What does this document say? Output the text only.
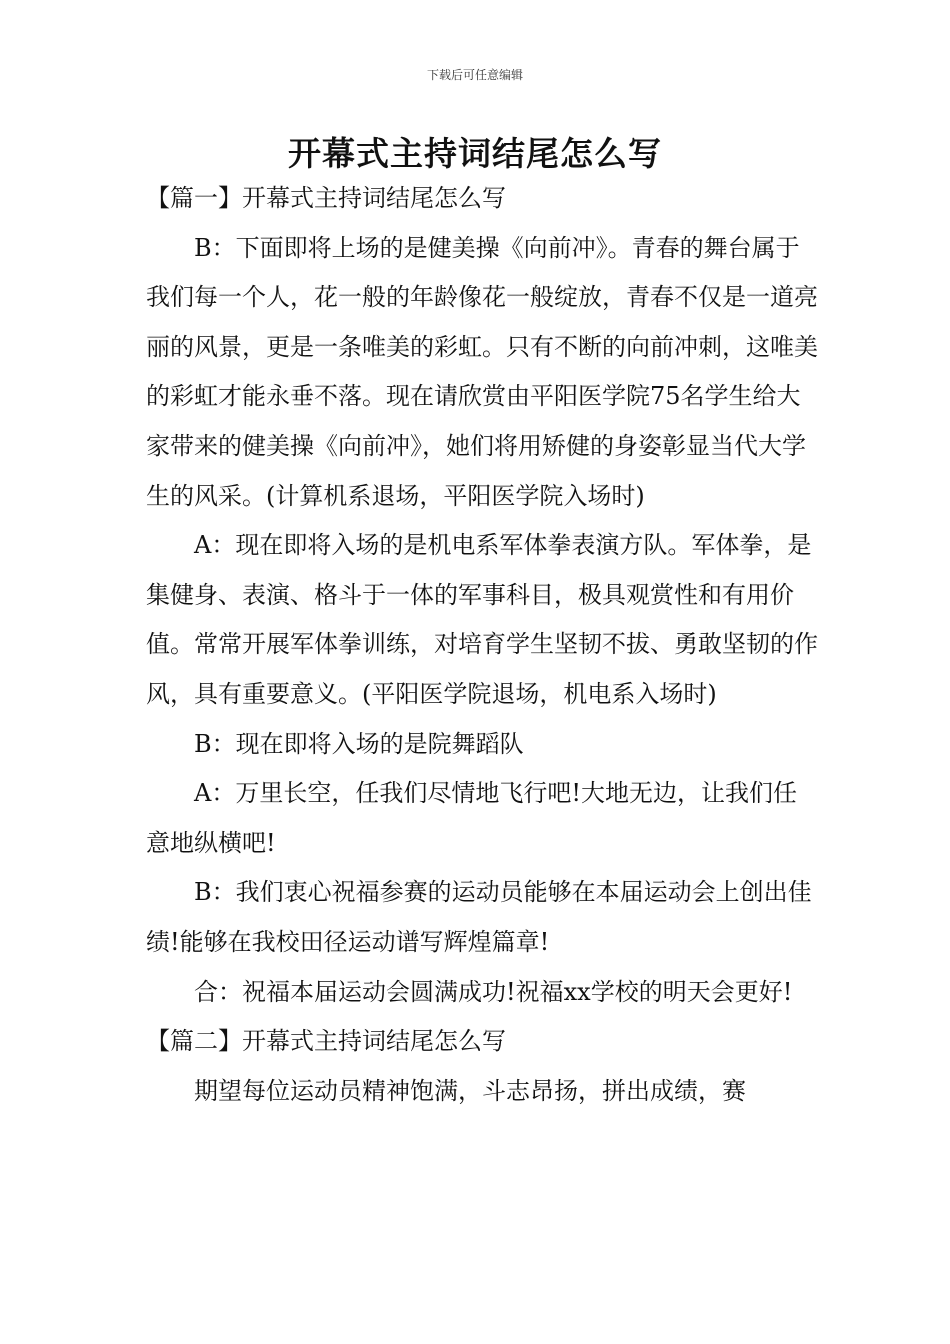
下载后可任意编辑
开幕式主持词结尾怎么写

【篇一】开幕式主持词结尾怎么写

B：下面即将上场的是健美操《向前冲》。青春的舞台属于我们每一个人，花一般的年龄像花一般绽放，青春不仅是一道亮丽的风景，更是一条唯美的彩虹。只有不断的向前冲刺，这唯美的彩虹才能永垂不落。现在请欣赏由平阳医学院75名学生给大家带来的健美操《向前冲》，她们将用矫健的身姿彰显当代大学生的风采。(计算机系退场，平阳医学院入场时)

A：现在即将入场的是机电系军体拳表演方队。军体拳，是集健身、表演、格斗于一体的军事科目，极具观赏性和有用价值。常常开展军体拳训练，对培育学生坚韧不拔、勇敢坚韧的作风，具有重要意义。(平阳医学院退场，机电系入场时)

B：现在即将入场的是院舞蹈队

A：万里长空，任我们尽情地飞行吧!大地无边，让我们任意地纵横吧!

B：我们衷心祝福参赛的运动员能够在本届运动会上创出佳绩!能够在我校田径运动谱写辉煌篇章!

合：祝福本届运动会圆满成功!祝福xx学校的明天会更好!【篇二】开幕式主持词结尾怎么写

期望每位运动员精神饱满，斗志昂扬，拼出成绩，赛
